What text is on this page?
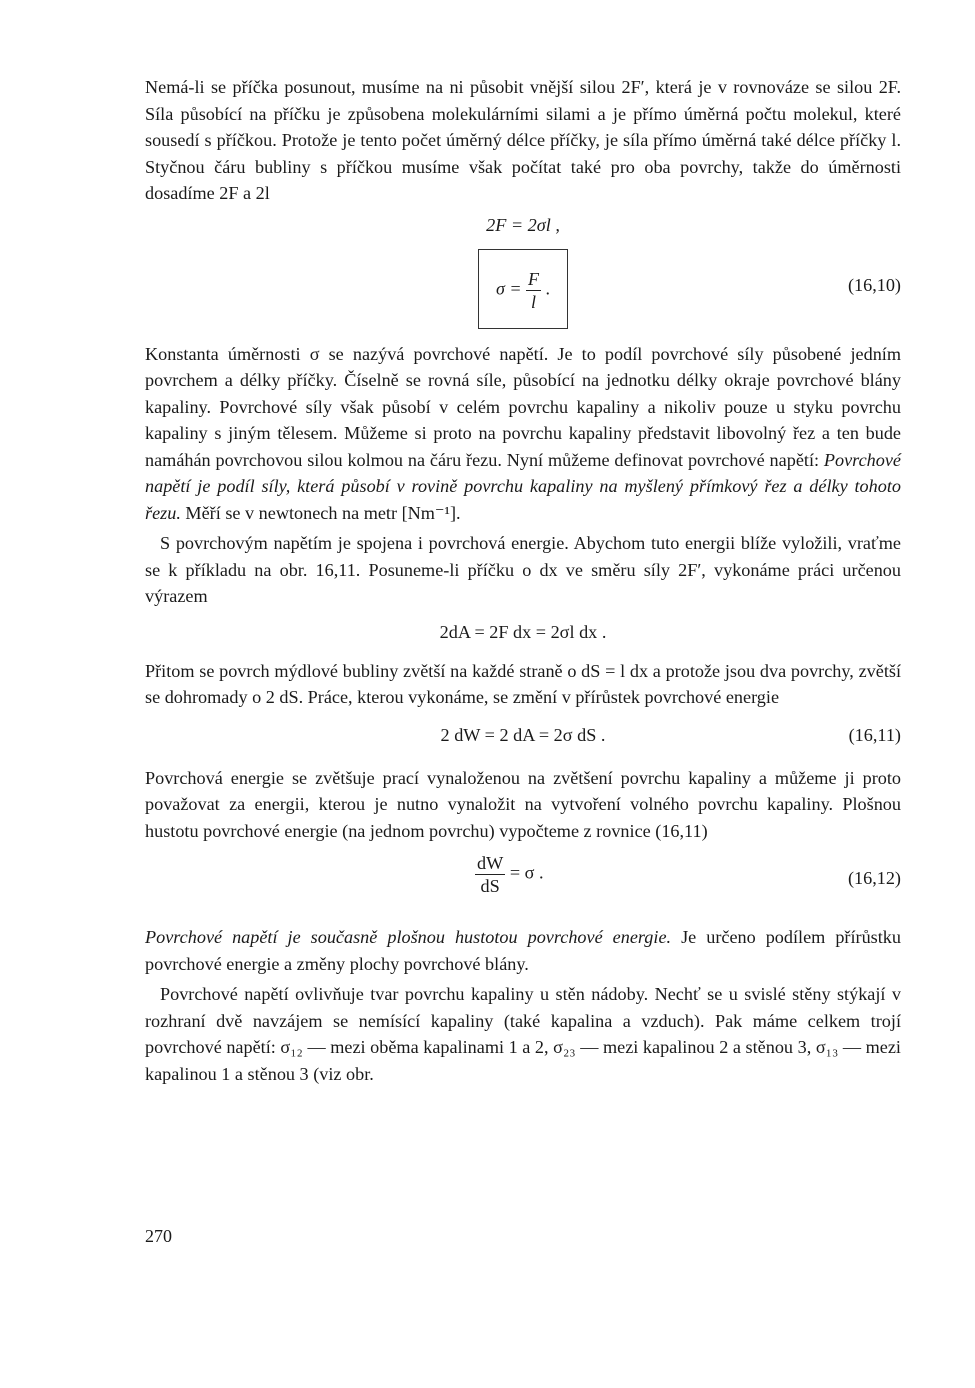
Nemá-li se příčka posunout, musíme na ni působit vnější silou 2F′, která je v rovnováze se silou 2F. Síla působící na příčku je způsobena molekulárními silami a je přímo úměrná počtu molekul, které sousedí s příčkou. Protože je tento počet úměrný délce příčky, je síla přímo úměrná také délce příčky l. Styčnou čáru bubliny s příčkou musíme však počítat také pro oba povrchy, takže do úměrnosti dosadíme 2F a 2l

2F = 2σl ,
$\sigma = \frac{F}{l}$ .	(16,10)

Konstanta úměrnosti σ se nazývá povrchové napětí. Je to podíl povrchové síly působené jedním povrchem a délky příčky. Číselně se rovná síle, působící na jednotku délky okraje povrchové blány kapaliny. Povrchové síly však působí v celém povrchu kapaliny a nikoliv pouze u styku povrchu kapaliny s jiným tělesem. Můžeme si proto na povrchu kapaliny představit libovolný řez a ten bude namáhán povrchovou silou kolmou na čáru řezu. Nyní můžeme definovat povrchové napětí: Povrchové napětí je podíl síly, která působí v rovině povrchu kapaliny na myšlený přímkový řez a délky tohoto řezu. Měří se v newtonech na metr [Nm⁻¹].

S povrchovým napětím je spojena i povrchová energie. Abychom tuto energii blíže vyložili, vraťme se k příkladu na obr. 16,11. Posuneme-li příčku o dx ve směru síly 2F′, vykonáme práci určenou výrazem

2dA = 2F dx = 2σl dx .

Přitom se povrch mýdlové bubliny zvětší na každé straně o dS = l dx a protože jsou dva povrchy, zvětší se dohromady o 2 dS. Práce, kterou vykonáme, se změní v přírůstek povrchové energie

2 dW = 2 dA = 2σ dS .	(16,11)

Povrchová energie se zvětšuje prací vynaloženou na zvětšení povrchu kapaliny a můžeme ji proto považovat za energii, kterou je nutno vynaložit na vytvoření volného povrchu kapaliny. Plošnou hustotu povrchové energie (na jednom povrchu) vypočteme z rovnice (16,11)

$\frac{dW}{dS} = \sigma$ .	(16,12)

Povrchové napětí je současně plošnou hustotou povrchové energie. Je určeno podílem přírůstku povrchové energie a změny plochy povrchové blány.

Povrchové napětí ovlivňuje tvar povrchu kapaliny u stěn nádoby. Nechť se u svislé stěny stýkají v rozhraní dvě navzájem se nemísící kapaliny (také kapalina a vzduch). Pak máme celkem trojí povrchové napětí: σ₁₂ — mezi oběma kapalinami 1 a 2, σ₂₃ — mezi kapalinou 2 a stěnou 3, σ₁₃ — mezi kapalinou 1 a stěnou 3 (viz obr.

270
